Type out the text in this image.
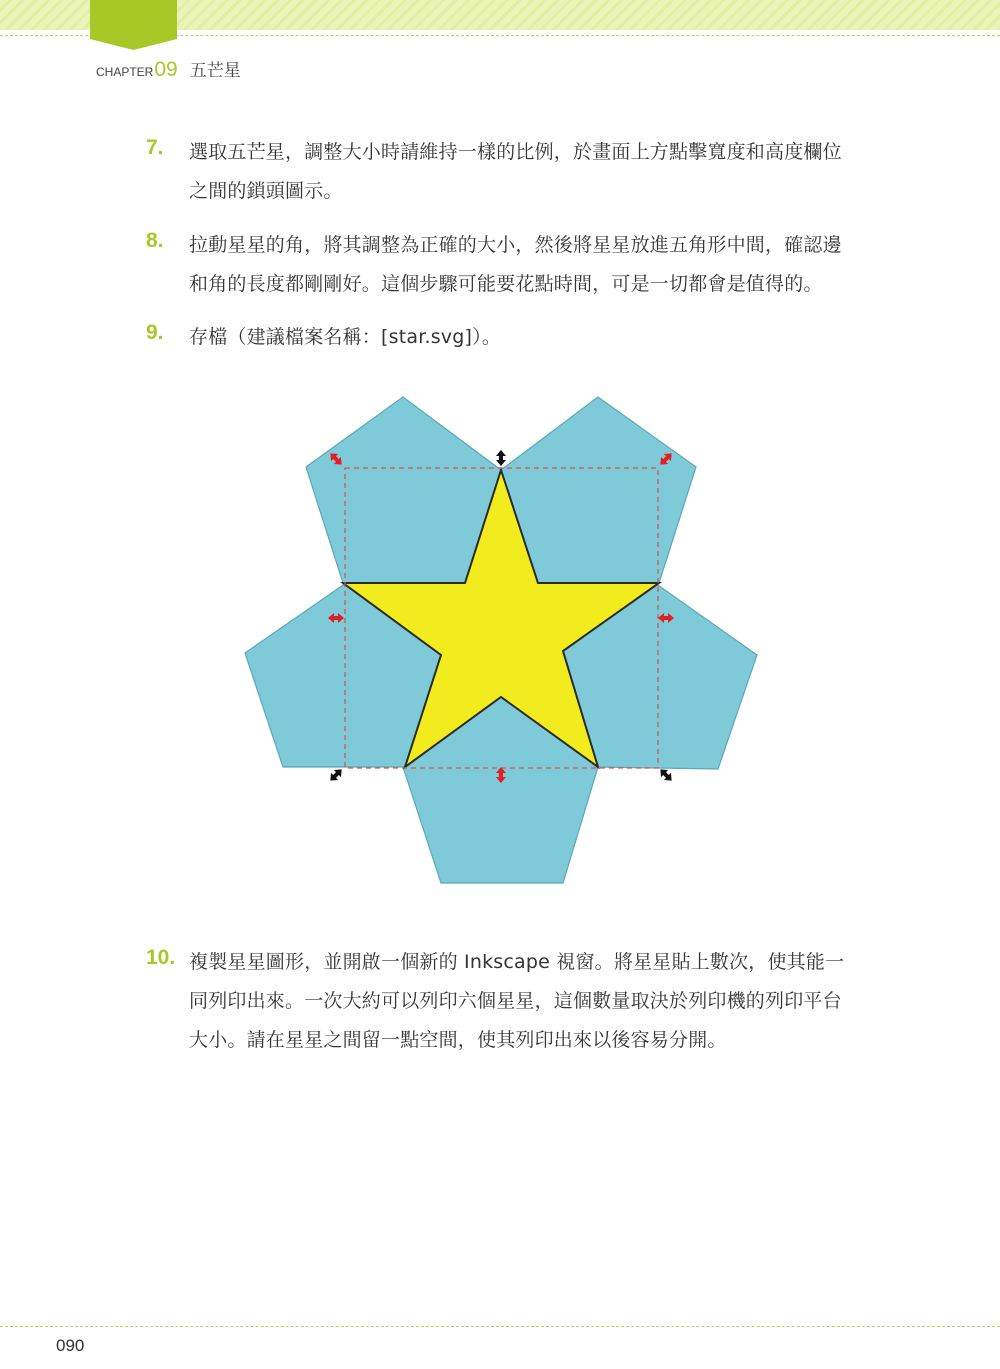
CHAPTER 09 五芒星
7. 選取五芒星，調整大小時請維持一樣的比例，於畫面上方點擊寬度和高度欄位
之間的鎖頭圖示。
8. 拉動星星的角，將其調整為正確的大小，然後將星星放進五角形中間，確認邊
和角的長度都剛剛好。這個步驟可能要花點時間，可是一切都會是值得的。
9. 存檔（建議檔案名稱：[star.svg]）。
10. 複製星星圖形，並開啟一個新的 Inkscape 視窗。將星星貼上數次，使其能一
同列印出來。一次大約可以列印六個星星，這個數量取決於列印機的列印平台
大小。請在星星之間留一點空間，使其列印出來以後容易分開。
090
